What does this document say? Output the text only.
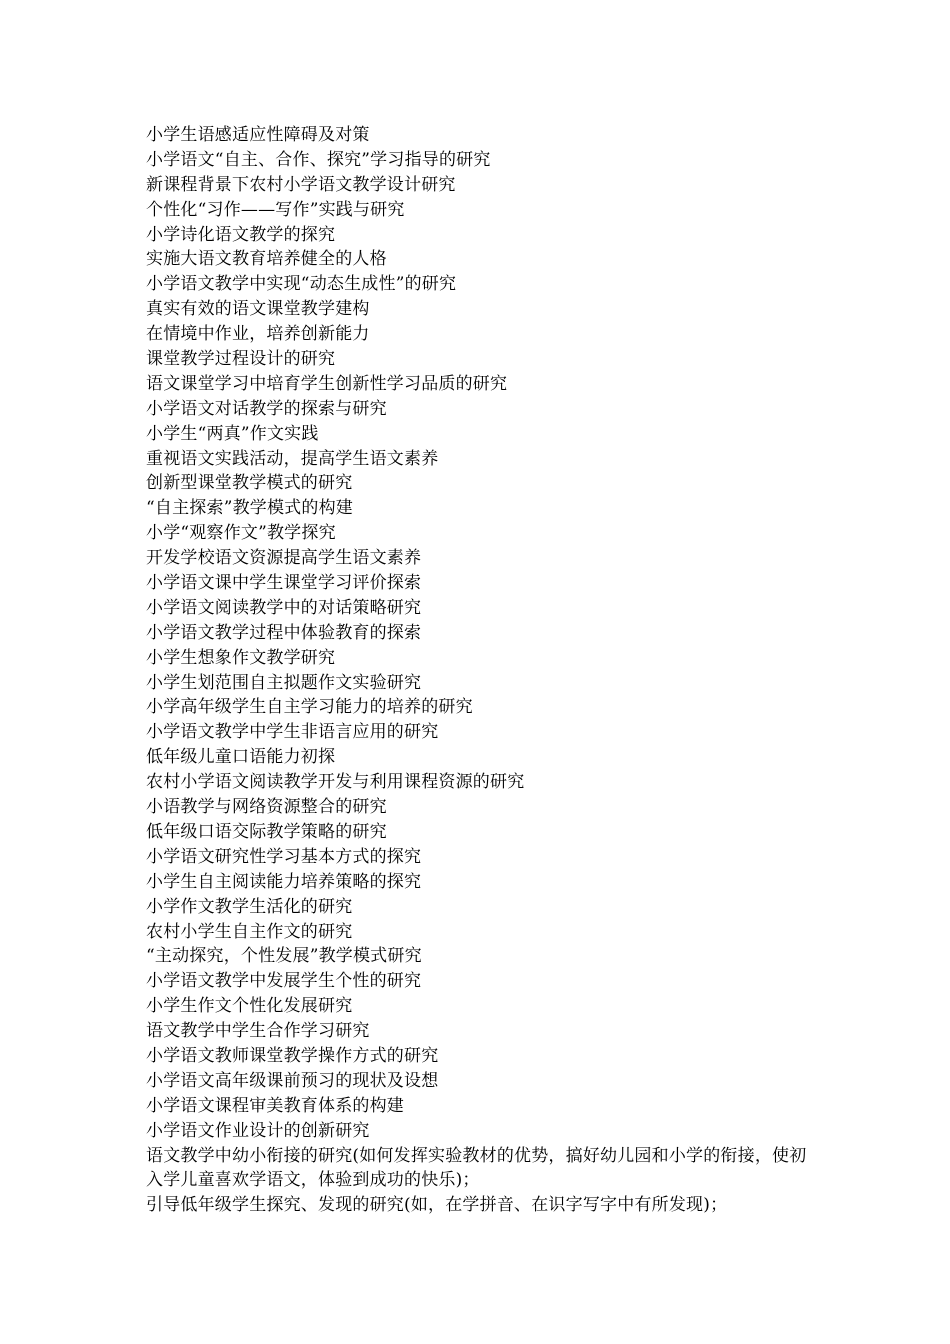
小学生语感适应性障碍及对策
小学语文“自主、合作、探究”学习指导的研究
新课程背景下农村小学语文教学设计研究
个性化“习作——写作”实践与研究
小学诗化语文教学的探究
实施大语文教育培养健全的人格
小学语文教学中实现“动态生成性”的研究
真实有效的语文课堂教学建构
在情境中作业，培养创新能力
课堂教学过程设计的研究
语文课堂学习中培育学生创新性学习品质的研究
小学语文对话教学的探索与研究
小学生“两真”作文实践
重视语文实践活动，提高学生语文素养
创新型课堂教学模式的研究
“自主探索”教学模式的构建
小学“观察作文”教学探究
开发学校语文资源提高学生语文素养
小学语文课中学生课堂学习评价探索
小学语文阅读教学中的对话策略研究
小学语文教学过程中体验教育的探索
小学生想象作文教学研究
小学生划范围自主拟题作文实验研究
小学高年级学生自主学习能力的培养的研究
小学语文教学中学生非语言应用的研究
低年级儿童口语能力初探
农村小学语文阅读教学开发与利用课程资源的研究
小语教学与网络资源整合的研究
低年级口语交际教学策略的研究
小学语文研究性学习基本方式的探究
小学生自主阅读能力培养策略的探究
小学作文教学生活化的研究
农村小学生自主作文的研究
“主动探究，个性发展”教学模式研究
小学语文教学中发展学生个性的研究
小学生作文个性化发展研究
语文教学中学生合作学习研究
小学语文教师课堂教学操作方式的研究
小学语文高年级课前预习的现状及设想
小学语文课程审美教育体系的构建
小学语文作业设计的创新研究

语文教学中幼小衔接的研究(如何发挥实验教材的优势，搞好幼儿园和小学的衔接，使初入学儿童喜欢学语文，体验到成功的快乐)；

引导低年级学生探究、发现的研究(如，在学拼音、在识字写字中有所发现)；
